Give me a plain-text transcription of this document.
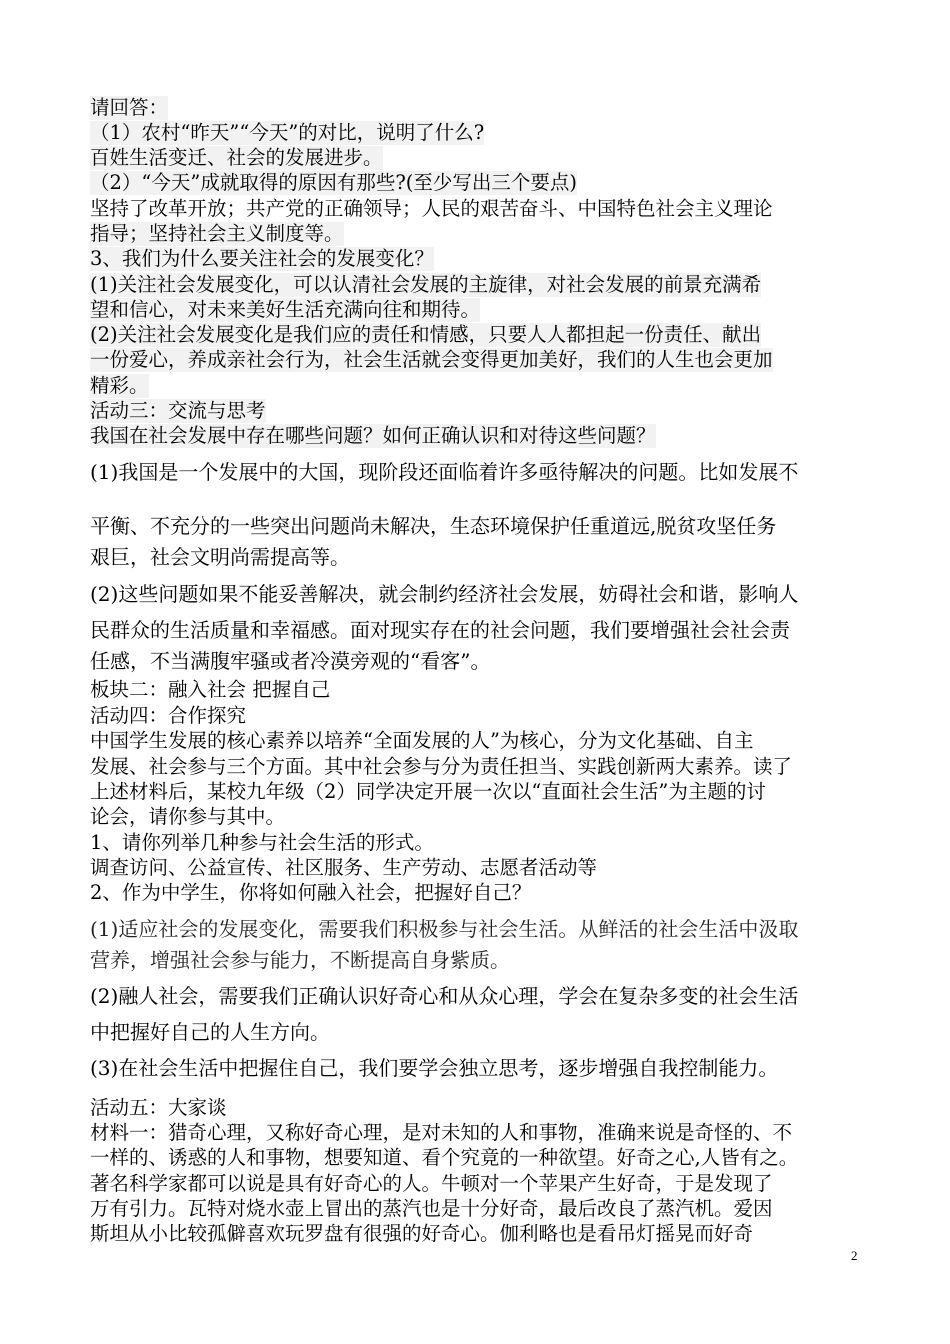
请回答：
（1）农村“昨天”“今天”的对比，说明了什么?
百姓生活变迁、社会的发展进步。
（2）“今天”成就取得的原因有那些?(至少写出三个要点)
坚持了改革开放；共产党的正确领导；人民的艰苦奋斗、中国特色社会主义理论
指导；坚持社会主义制度等。
3、我们为什么要关注社会的发展变化？
(1)关注社会发展变化，可以认清社会发展的主旋律，对社会发展的前景充满希
望和信心，对未来美好生活充满向往和期待。
(2)关注社会发展变化是我们应的责任和情感，只要人人都担起一份责任、献出
一份爱心，养成亲社会行为，社会生活就会变得更加美好，我们的人生也会更加
精彩。
活动三：交流与思考
我国在社会发展中存在哪些问题？如何正确认识和对待这些问题？
(1)我国是一个发展中的大国，现阶段还面临着许多亟待解决的问题。比如发展不
平衡、不充分的一些突出问题尚未解决，生态环境保护任重道远,脱贫攻坚任务
艰巨，社会文明尚需提高等。
(2)这些问题如果不能妥善解决，就会制约经济社会发展，妨碍社会和谐，影响人
民群众的生活质量和幸福感。面对现实存在的社会问题，我们要增强社会社会责
任感，不当满腹牢骚或者冷漠旁观的“看客”。
板块二：融入社会 把握自己
活动四：合作探究
中国学生发展的核心素养以培养“全面发展的人”为核心，分为文化基础、自主
发展、社会参与三个方面。其中社会参与分为责任担当、实践创新两大素养。读了
上述材料后，某校九年级（2）同学决定开展一次以“直面社会生活”为主题的讨
论会，请你参与其中。
1、请你列举几种参与社会生活的形式。
调查访问、公益宣传、社区服务、生产劳动、志愿者活动等
2、作为中学生，你将如何融入社会，把握好自己？
(1)适应社会的发展变化，需要我们积极参与社会生活。从鲜活的社会生活中汲取
营养，增强社会参与能力，不断提高自身紫质。
(2)融人社会，需要我们正确认识好奇心和从众心理，学会在复杂多变的社会生活
中把握好自己的人生方向。
(3)在社会生活中把握住自己，我们要学会独立思考，逐步增强自我控制能力。
活动五：大家谈
材料一：猎奇心理，又称好奇心理，是对未知的人和事物，准确来说是奇怪的、不
一样的、诱惑的人和事物，想要知道、看个究竟的一种欲望。好奇之心,人皆有之。
著名科学家都可以说是具有好奇心的人。牛顿对一个苹果产生好奇，于是发现了
万有引力。瓦特对烧水壶上冒出的蒸汽也是十分好奇，最后改良了蒸汽机。爱因
斯坦从小比较孤僻喜欢玩罗盘有很强的好奇心。伽利略也是看吊灯摇晃而好奇
2
